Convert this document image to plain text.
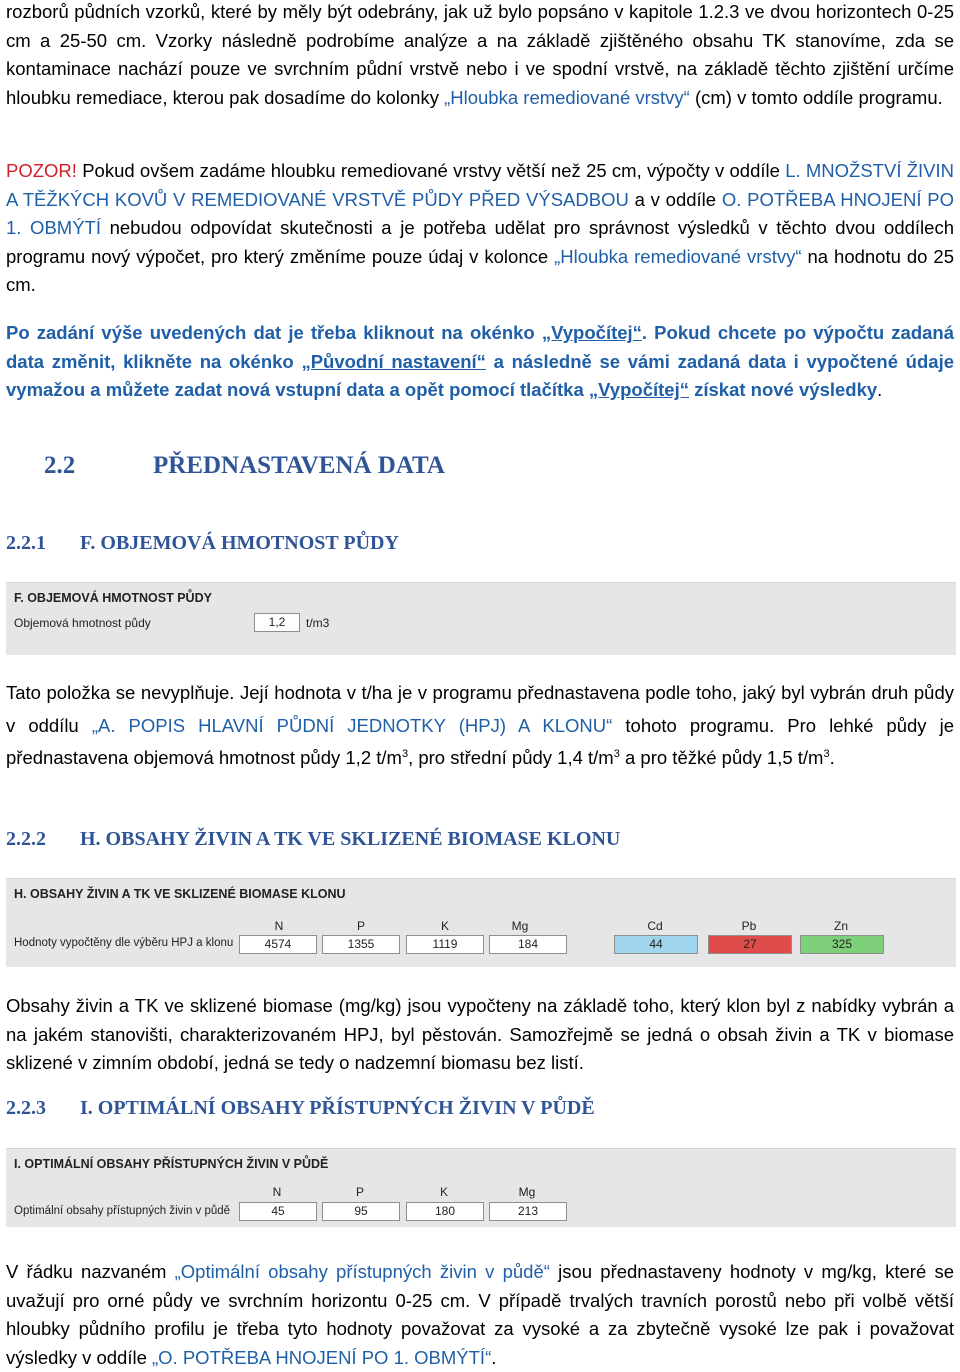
rozborů půdních vzorků, které by měly být odebrány, jak už bylo popsáno v kapitole 1.2.3 ve dvou horizontech 0-25 cm a 25-50 cm. Vzorky následně podrobíme analýze a na základě zjištěného obsahu TK stanovíme, zda se kontaminace nachází pouze ve svrchním půdní vrstvě nebo i ve spodní vrstvě, na základě těchto zjištění určíme hloubku remediace, kterou pak dosadíme do kolonky „Hloubka remediované vrstvy“ (cm) v tomto oddíle programu.

POZOR! Pokud ovšem zadáme hloubku remediované vrstvy větší než 25 cm, výpočty v oddíle L. MNOŽSTVÍ ŽIVIN A TĚŽKÝCH KOVŮ V REMEDIOVANÉ VRSTVĚ PŮDY PŘED VÝSADBOU a v oddíle O. POTŘEBA HNOJENÍ PO 1. OBMÝTÍ nebudou odpovídat skutečnosti a je potřeba udělat pro správnost výsledků v těchto dvou oddílech programu nový výpočet, pro který změníme pouze údaj v kolonce „Hloubka remediované vrstvy“ na hodnotu do 25 cm.

Po zadání výše uvedených dat je třeba kliknout na okénko „Vypočítej“. Pokud chcete po výpočtu zadaná data změnit, klikněte na okénko „Původní nastavení“ a následně se vámi zadaná data i vypočtené údaje vymažou a můžete zadat nová vstupní data a opět pomocí tlačítka „Vypočítej“ získat nové výsledky.

2.2	PŘEDNASTAVENÁ DATA
2.2.1 F. OBJEMOVÁ HMOTNOST PŮDY
F. OBJEMOVÁ HMOTNOST PŮDY
Objemová hmotnost půdy	1,2	t/m3

Tato položka se nevyplňuje. Její hodnota v t/ha je v programu přednastavena podle toho, jaký byl vybrán druh půdy v oddílu „A. POPIS HLAVNÍ PŮDNÍ JEDNOTKY (HPJ) A KLONU“ tohoto programu. Pro lehké půdy je přednastavena objemová hmotnost půdy 1,2 $t/m^3$, pro střední půdy 1,4 $t/m^3$ a pro těžké půdy 1,5 $t/m^3$.

2.2.2 H. OBSAHY ŽIVIN A TK VE SKLIZENÉ BIOMASE KLONU
H. OBSAHY ŽIVIN A TK VE SKLIZENÉ BIOMASE KLONU
Hodnoty vypočtěny dle výběru HPJ a klonu
N	P	K	Mg	Cd	Pb	Zn
4574	1355	1119	184	44	27	325

Obsahy živin a TK ve sklizené biomase (mg/kg) jsou vypočteny na základě toho, který klon byl z nabídky vybrán a na jakém stanovišti, charakterizovaném HPJ, byl pěstován. Samozřejmě se jedná o obsah živin a TK v biomase sklizené v zimním období, jedná se tedy o nadzemní biomasu bez listí.

2.2.3 I. OPTIMÁLNÍ OBSAHY PŘÍSTUPNÝCH ŽIVIN V PŮDĚ
I. OPTIMÁLNÍ OBSAHY PŘÍSTUPNÝCH ŽIVIN V PŮDĚ
Optimální obsahy přístupných živin v půdě
N	P	K	Mg
45	95	180	213

V řádku nazvaném „Optimální obsahy přístupných živin v půdě“ jsou přednastaveny hodnoty v mg/kg, které se uvažují pro orné půdy ve svrchním horizontu 0-25 cm. V případě trvalých travních porostů nebo při volbě větší hloubky půdního profilu je třeba tyto hodnoty považovat za vysoké a za zbytečně vysoké lze pak i považovat výsledky v oddíle „O. POTŘEBA HNOJENÍ PO 1. OBMÝTÍ“.
